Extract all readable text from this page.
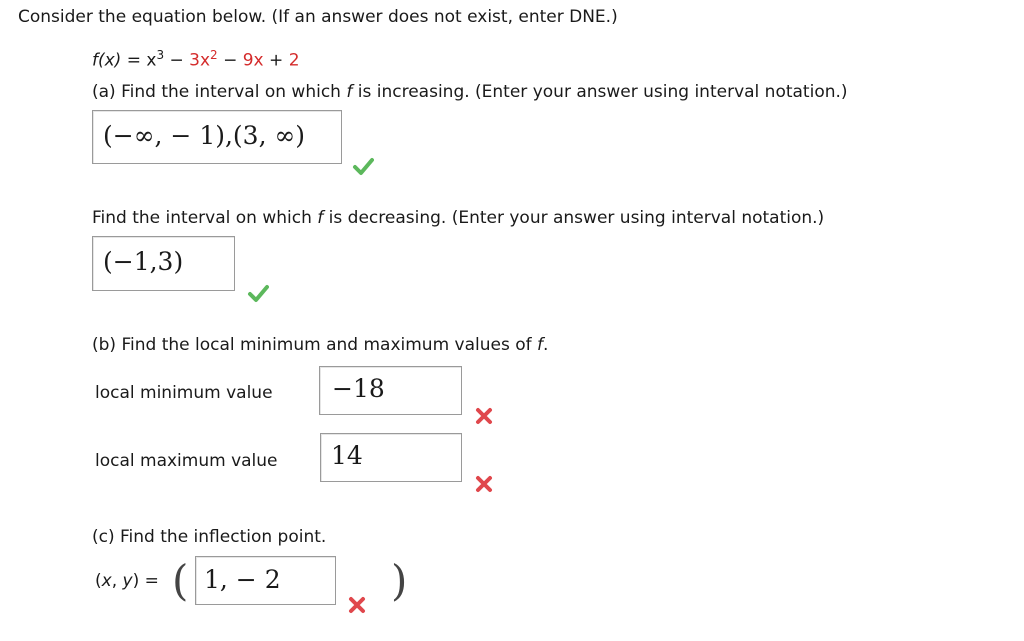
Consider the equation below. (If an answer does not exist, enter DNE.)
$f(x) = x^3 - 3x^2 - 9x + 2$
(a) Find the interval on which f is increasing. (Enter your answer using interval notation.)
(−∞, − 1),(3, ∞)
Find the interval on which f is decreasing. (Enter your answer using interval notation.)
(−1,3)
(b) Find the local minimum and maximum values of f.
local minimum value −18
local maximum value 14
(c) Find the inflection point.
(x, y) = ( 1, − 2	)
